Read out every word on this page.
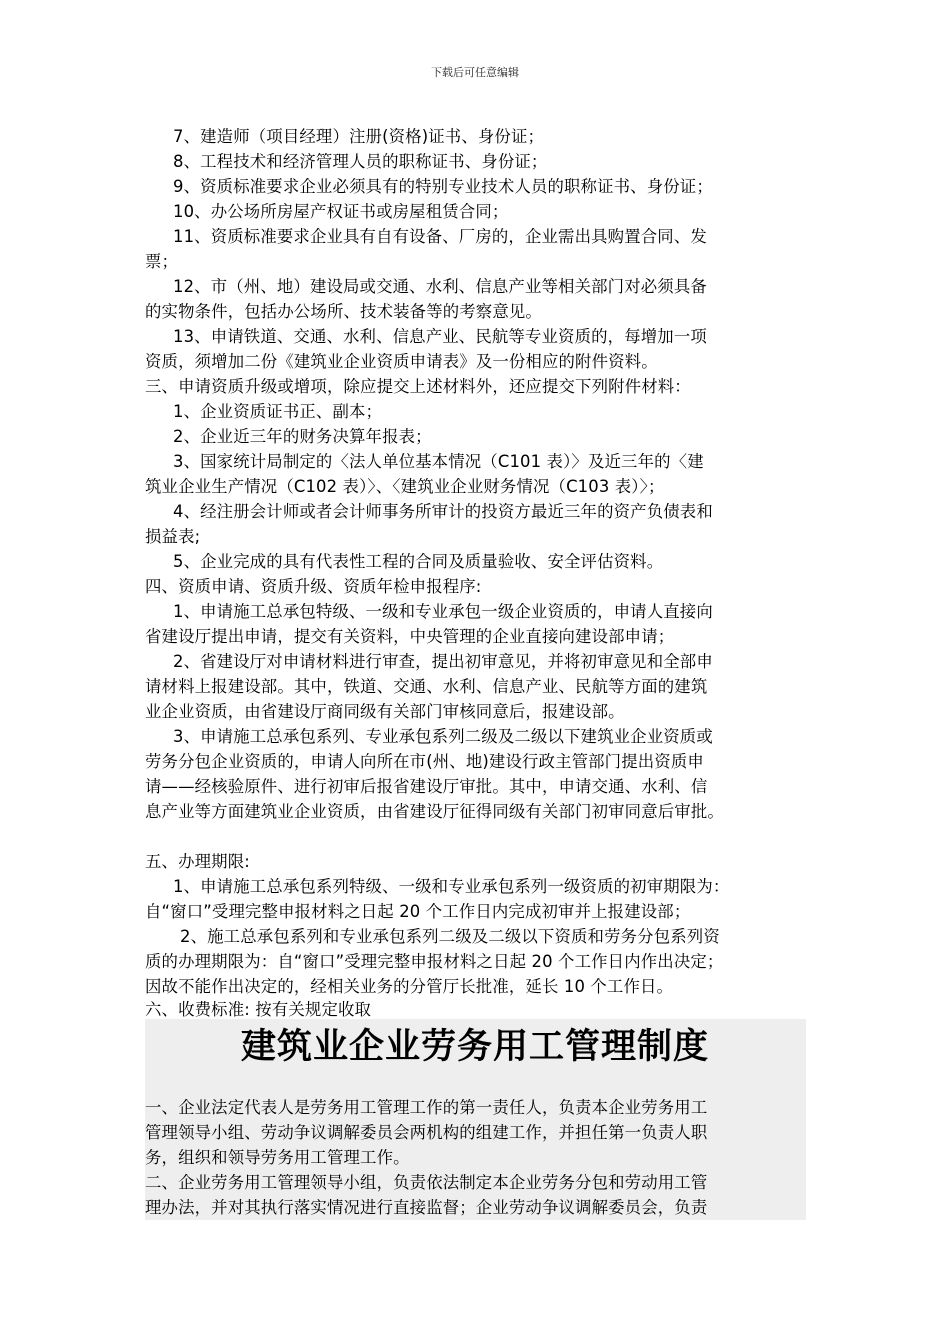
下载后可任意编辑
7、建造师（项目经理）注册(资格)证书、身份证；
8、工程技术和经济管理人员的职称证书、身份证；
9、资质标准要求企业必须具有的特别专业技术人员的职称证书、身份证；
10、办公场所房屋产权证书或房屋租赁合同；
11、资质标准要求企业具有自有设备、厂房的，企业需出具购置合同、发
票；
12、市（州、地）建设局或交通、水利、信息产业等相关部门对必须具备
的实物条件，包括办公场所、技术装备等的考察意见。
13、申请铁道、交通、水利、信息产业、民航等专业资质的，每增加一项
资质，须增加二份《建筑业企业资质申请表》及一份相应的附件资料。
三、申请资质升级或增项，除应提交上述材料外，还应提交下列附件材料：
1、企业资质证书正、副本；
2、企业近三年的财务决算年报表；
3、国家统计局制定的〈法人单位基本情况（C101 表）〉及近三年的〈建
筑业企业生产情况（C102 表）〉、〈建筑业企业财务情况（C103 表）〉；
4、经注册会计师或者会计师事务所审计的投资方最近三年的资产负债表和
损益表;
5、企业完成的具有代表性工程的合同及质量验收、安全评估资料。
四、资质申请、资质升级、资质年检申报程序:
1、申请施工总承包特级、一级和专业承包一级企业资质的，申请人直接向
省建设厅提出申请，提交有关资料，中央管理的企业直接向建设部申请；
2、省建设厅对申请材料进行审查，提出初审意见，并将初审意见和全部申
请材料上报建设部。其中，铁道、交通、水利、信息产业、民航等方面的建筑
业企业资质，由省建设厅商同级有关部门审核同意后，报建设部。
3、申请施工总承包系列、专业承包系列二级及二级以下建筑业企业资质或
劳务分包企业资质的，申请人向所在市(州、地)建设行政主管部门提出资质申
请——经核验原件、进行初审后报省建设厅审批。其中，申请交通、水利、信
息产业等方面建筑业企业资质，由省建设厅征得同级有关部门初审同意后审批。
五、办理期限:
1、申请施工总承包系列特级、一级和专业承包系列一级资质的初审期限为：
自“窗口”受理完整申报材料之日起 20 个工作日内完成初审并上报建设部；
2、施工总承包系列和专业承包系列二级及二级以下资质和劳务分包系列资
质的办理期限为：自“窗口”受理完整申报材料之日起 20 个工作日内作出决定；
因故不能作出决定的，经相关业务的分管厅长批准，延长 10 个工作日。
六、收费标准: 按有关规定收取
建筑业企业劳务用工管理制度
一、企业法定代表人是劳务用工管理工作的第一责任人，负责本企业劳务用工
管理领导小组、劳动争议调解委员会两机构的组建工作，并担任第一负责人职
务，组织和领导劳务用工管理工作。
二、企业劳务用工管理领导小组，负责依法制定本企业劳务分包和劳动用工管
理办法，并对其执行落实情况进行直接监督；企业劳动争议调解委员会，负责
